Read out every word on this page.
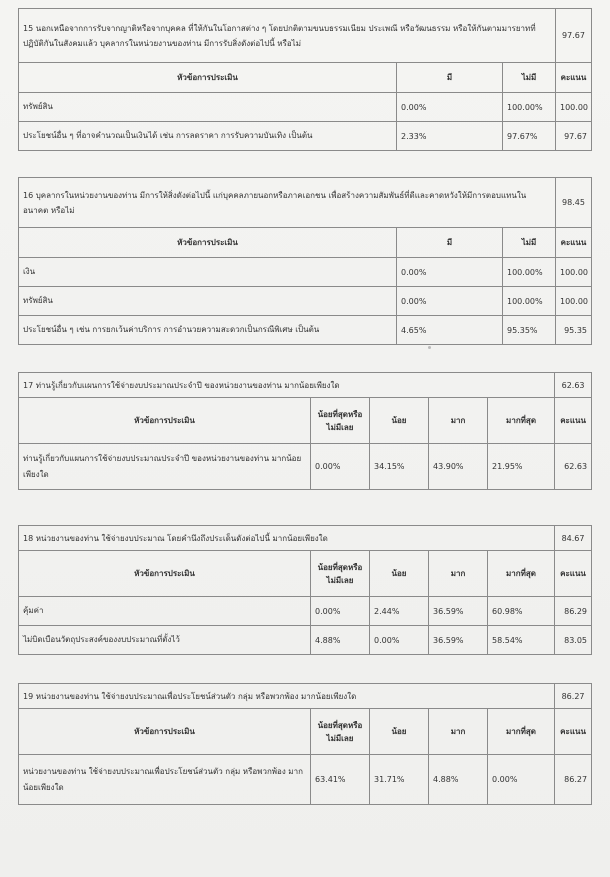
15 นอกเหนือจากการรับจากญาติหรือจากบุคคล ที่ให้กันในโอกาสต่าง ๆ โดยปกติตามขนบธรรมเนียม ประเพณี หรือวัฒนธรรม หรือให้กันตามมารยาทที่ปฏิบัติกันในสังคมแล้ว บุคลากรในหน่วยงานของท่าน มีการรับสิ่งดังต่อไปนี้ หรือไม่			97.67
หัวข้อการประเมิน	มี	ไม่มี	คะแนน
ทรัพย์สิน	0.00%	100.00%	100.00
ประโยชน์อื่น ๆ ที่อาจคำนวณเป็นเงินได้ เช่น การลดราคา การรับความบันเทิง เป็นต้น	2.33%	97.67%	97.67
16 บุคลากรในหน่วยงานของท่าน มีการให้สิ่งดังต่อไปนี้ แก่บุคคลภายนอกหรือภาคเอกชน เพื่อสร้างความสัมพันธ์ที่ดีและคาดหวังให้มีการตอบแทนในอนาคต หรือไม่			98.45
หัวข้อการประเมิน	มี	ไม่มี	คะแนน
เงิน	0.00%	100.00%	100.00
ทรัพย์สิน	0.00%	100.00%	100.00
ประโยชน์อื่น ๆ เช่น การยกเว้นค่าบริการ การอำนวยความสะดวกเป็นกรณีพิเศษ เป็นต้น	4.65%	95.35%	95.35
17 ท่านรู้เกี่ยวกับแผนการใช้จ่ายงบประมาณประจำปี ของหน่วยงานของท่าน มากน้อยเพียงใด					62.63
หัวข้อการประเมิน	น้อยที่สุดหรือไม่มีเลย	น้อย	มาก	มากที่สุด	คะแนน
ท่านรู้เกี่ยวกับแผนการใช้จ่ายงบประมาณประจำปี ของหน่วยงานของท่าน มากน้อยเพียงใด	0.00%	34.15%	43.90%	21.95%	62.63
18 หน่วยงานของท่าน ใช้จ่ายงบประมาณ โดยคำนึงถึงประเด็นดังต่อไปนี้ มากน้อยเพียงใด					84.67
หัวข้อการประเมิน	น้อยที่สุดหรือไม่มีเลย	น้อย	มาก	มากที่สุด	คะแนน
คุ้มค่า	0.00%	2.44%	36.59%	60.98%	86.29
ไม่บิดเบือนวัตถุประสงค์ของงบประมาณที่ตั้งไว้	4.88%	0.00%	36.59%	58.54%	83.05
19 หน่วยงานของท่าน ใช้จ่ายงบประมาณเพื่อประโยชน์ส่วนตัว กลุ่ม หรือพวกพ้อง มากน้อยเพียงใด					86.27
หัวข้อการประเมิน	น้อยที่สุดหรือไม่มีเลย	น้อย	มาก	มากที่สุด	คะแนน
หน่วยงานของท่าน ใช้จ่ายงบประมาณเพื่อประโยชน์ส่วนตัว กลุ่ม หรือพวกพ้อง มากน้อยเพียงใด	63.41%	31.71%	4.88%	0.00%	86.27
